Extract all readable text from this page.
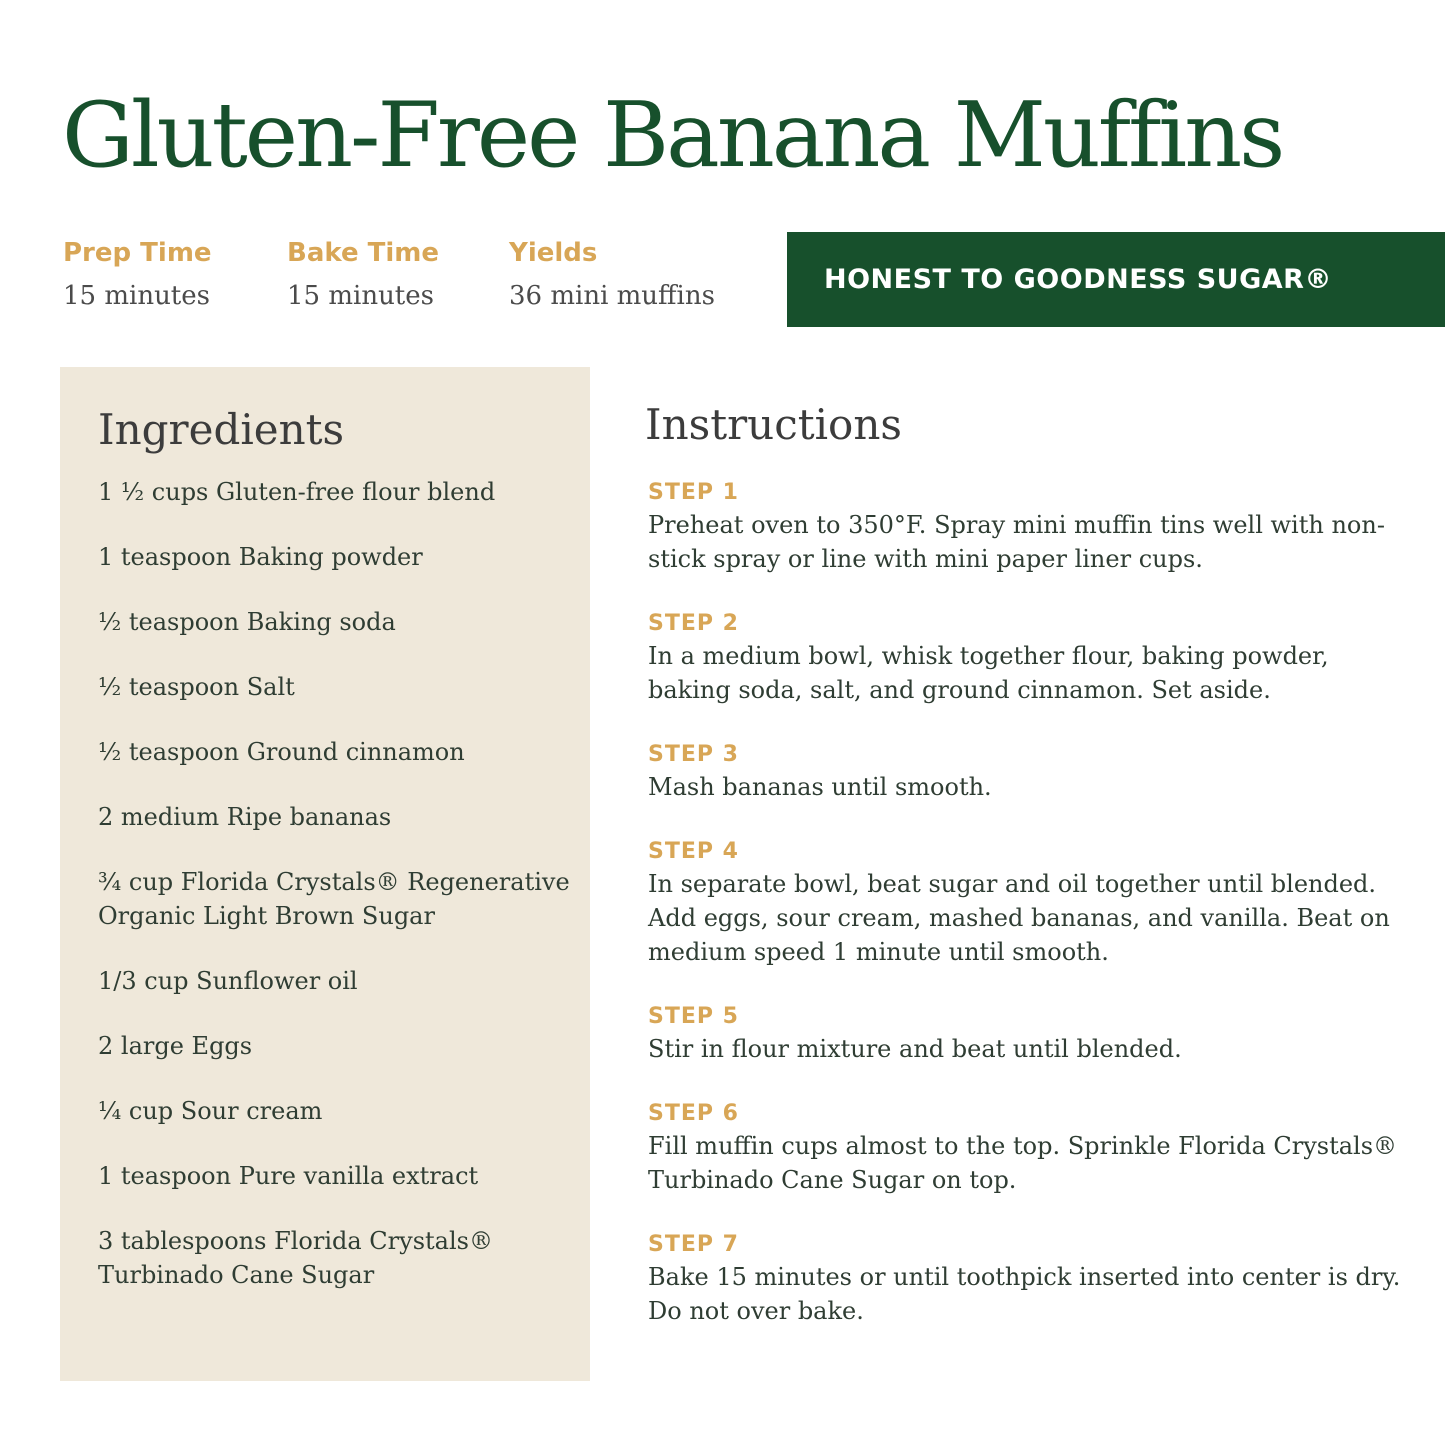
Gluten-Free Banana Muffins
Prep Time
15 minutes
Bake Time
15 minutes
Yields
36 mini muffins
HONEST TO GOODNESS SUGAR®
Ingredients
1 ½ cups Gluten-free flour blend
1 teaspoon Baking powder
½ teaspoon Baking soda
½ teaspoon Salt
½ teaspoon Ground cinnamon
2 medium Ripe bananas
¾ cup Florida Crystals® Regenerative Organic Light Brown Sugar
1/3 cup Sunflower oil
2 large Eggs
¼ cup Sour cream
1 teaspoon Pure vanilla extract
3 tablespoons Florida Crystals® Turbinado Cane Sugar
Instructions
STEP 1
Preheat oven to 350°F. Spray mini muffin tins well with non-stick spray or line with mini paper liner cups.
STEP 2
In a medium bowl, whisk together flour, baking powder, baking soda, salt, and ground cinnamon. Set aside.
STEP 3
Mash bananas until smooth.
STEP 4
In separate bowl, beat sugar and oil together until blended. Add eggs, sour cream, mashed bananas, and vanilla. Beat on medium speed 1 minute until smooth.
STEP 5
Stir in flour mixture and beat until blended.
STEP 6
Fill muffin cups almost to the top. Sprinkle Florida Crystals® Turbinado Cane Sugar on top.
STEP 7
Bake 15 minutes or until toothpick inserted into center is dry. Do not over bake.
